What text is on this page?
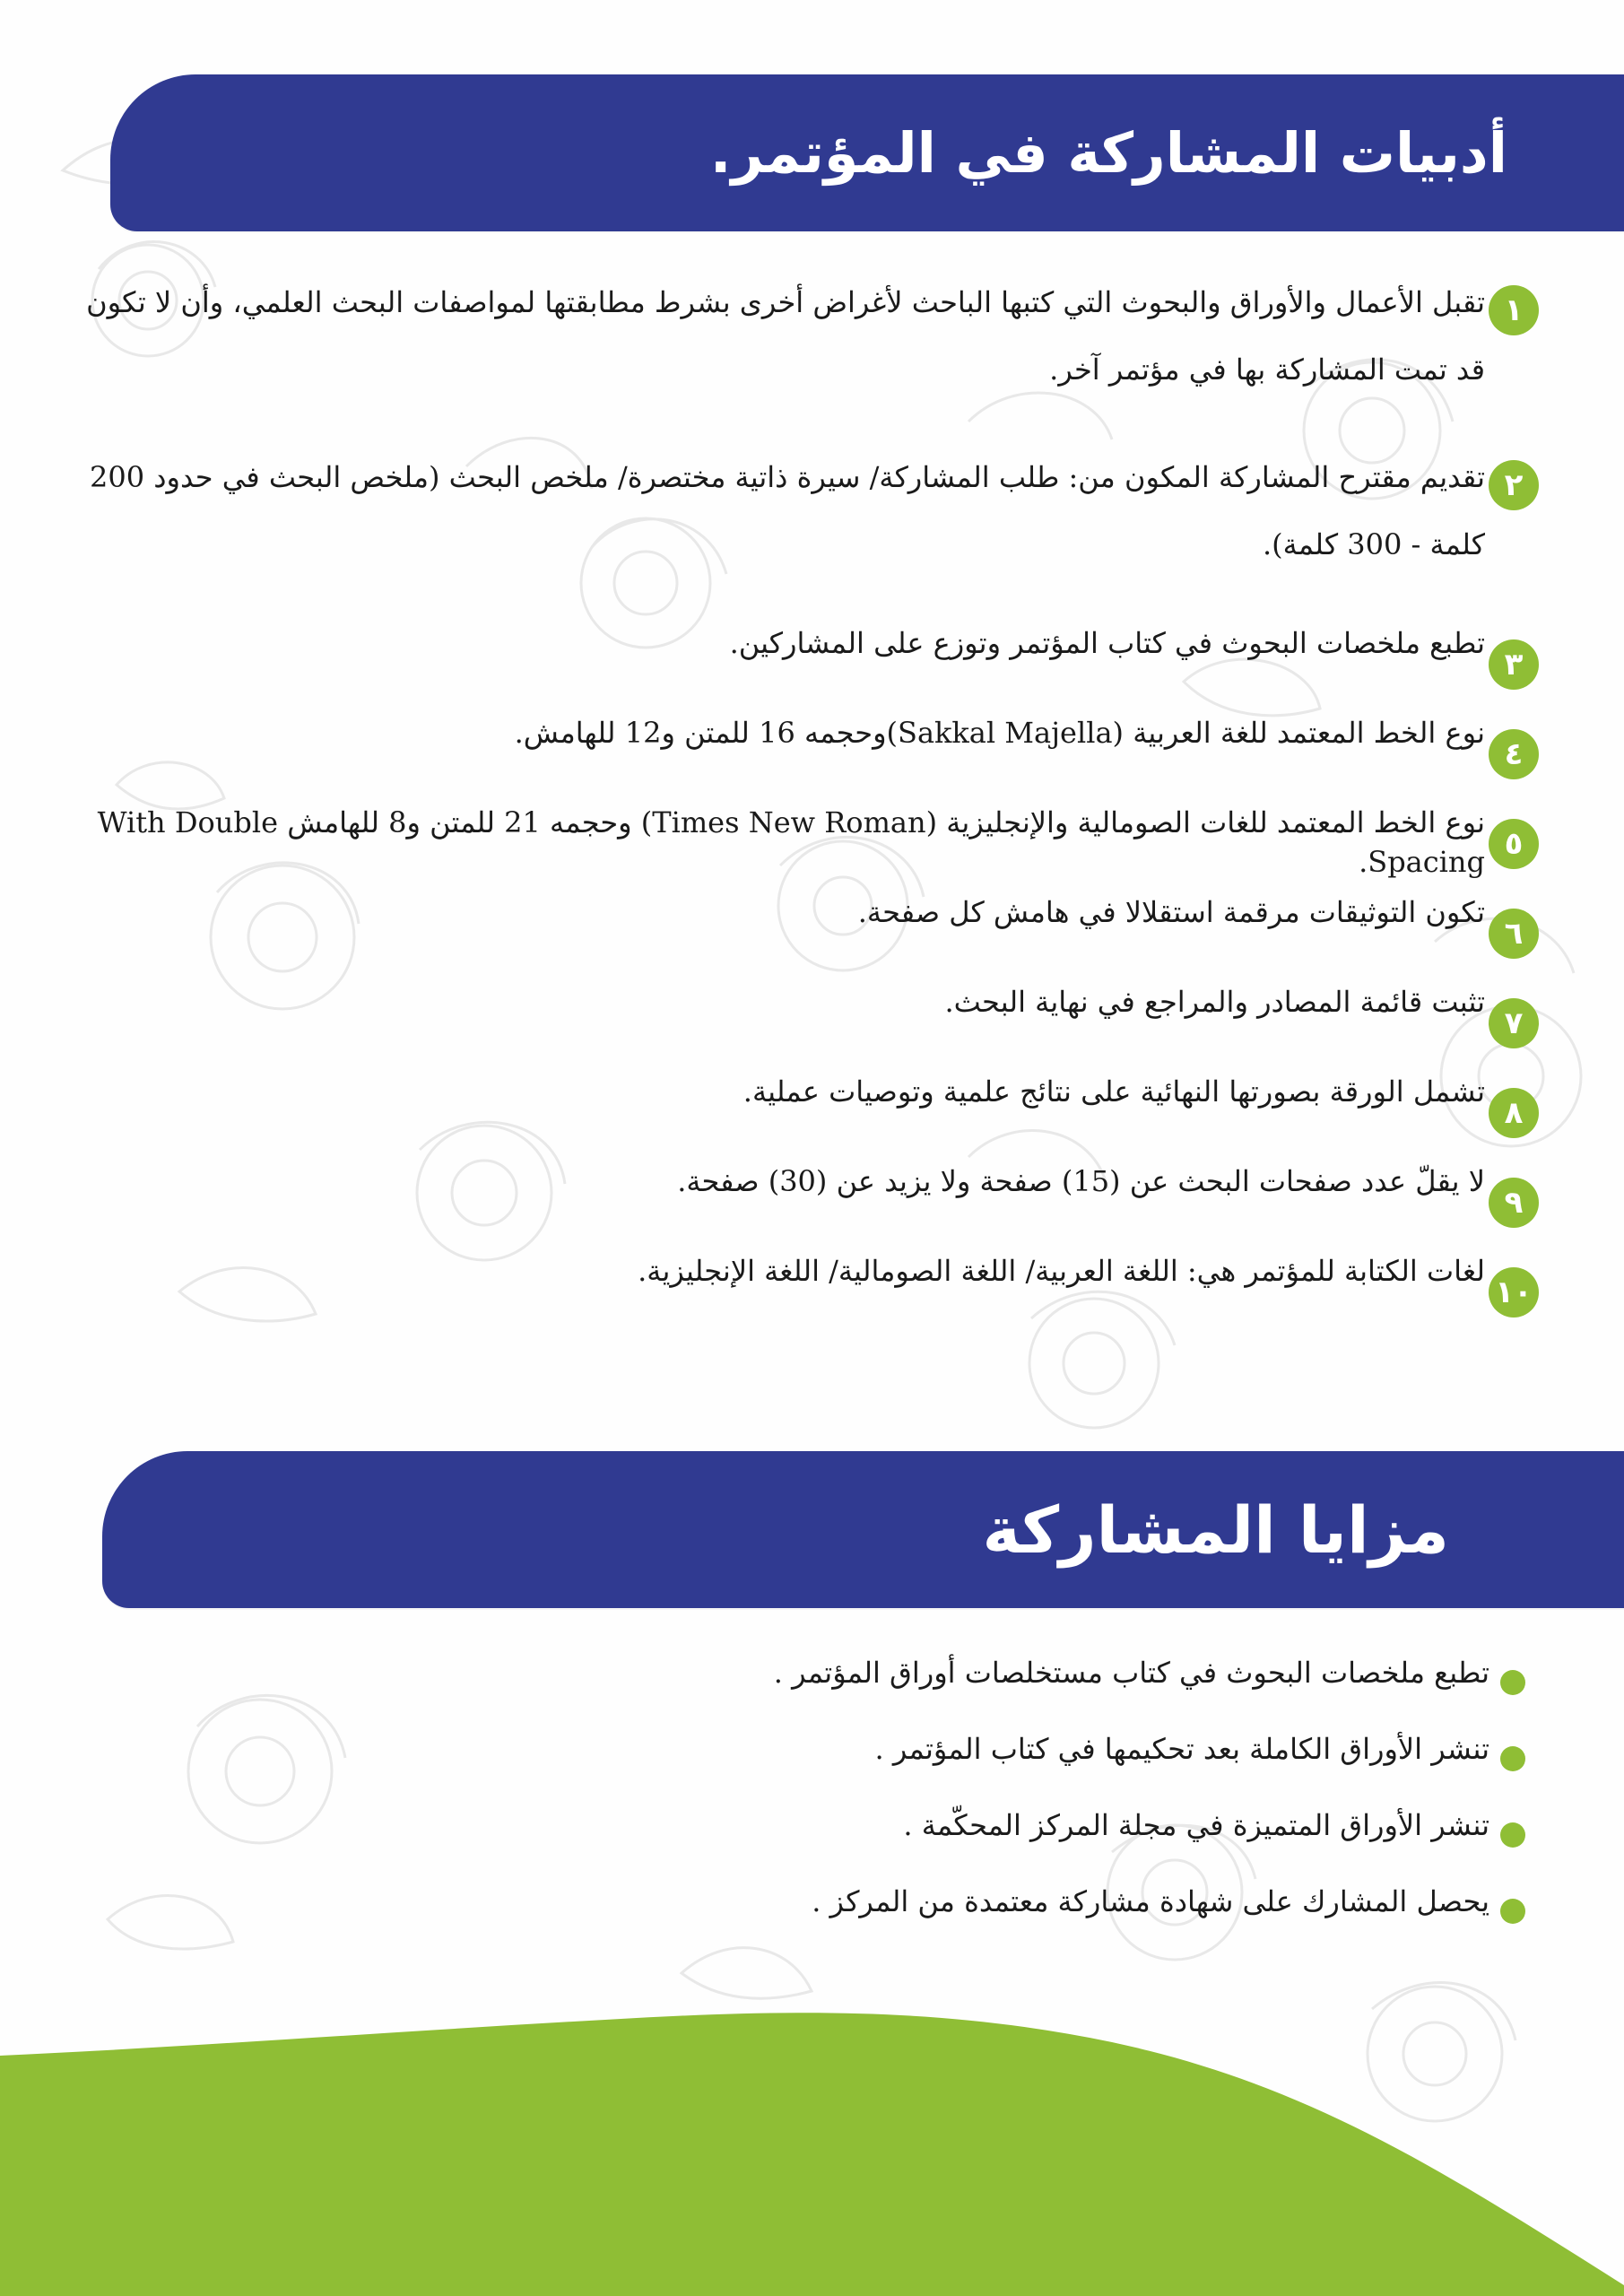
أدبيات المشاركة في المؤتمر.

١
تقبل الأعمال والأوراق والبحوث التي كتبها الباحث لأغراض أخرى بشرط مطابقتها لمواصفات البحث العلمي، وأن لا تكون قد تمت المشاركة بها في مؤتمر آخر.

٢
تقديم مقترح المشاركة المكون من: طلب المشاركة/ سيرة ذاتية مختصرة/ ملخص البحث (ملخص البحث في حدود 200 كلمة - 300 كلمة).

٣
تطبع ملخصات البحوث في كتاب المؤتمر وتوزع على المشاركين.

٤
نوع الخط المعتمد للغة العربية (Sakkal Majella)وحجمه 16 للمتن و12 للهامش.

٥
نوع الخط المعتمد للغات الصومالية والإنجليزية (Times New Roman) وحجمه 21 للمتن و8 للهامش With Double Spacing.

٦
تكون التوثيقات مرقمة استقلالا في هامش كل صفحة.

٧
تثبت قائمة المصادر والمراجع في نهاية البحث.

٨
تشمل الورقة بصورتها النهائية على نتائج علمية وتوصيات عملية.

٩
لا يقلّ عدد صفحات البحث عن (15) صفحة ولا يزيد عن (30) صفحة.

١٠
لغات الكتابة للمؤتمر هي: اللغة العربية/ اللغة الصومالية/ اللغة الإنجليزية.

مزايا المشاركة

تطبع ملخصات البحوث في كتاب مستخلصات أوراق المؤتمر .

تنشر الأوراق الكاملة بعد تحكيمها في كتاب المؤتمر .

تنشر الأوراق المتميزة في مجلة المركز المحكّمة .

يحصل المشارك على شهادة مشاركة معتمدة من المركز .
